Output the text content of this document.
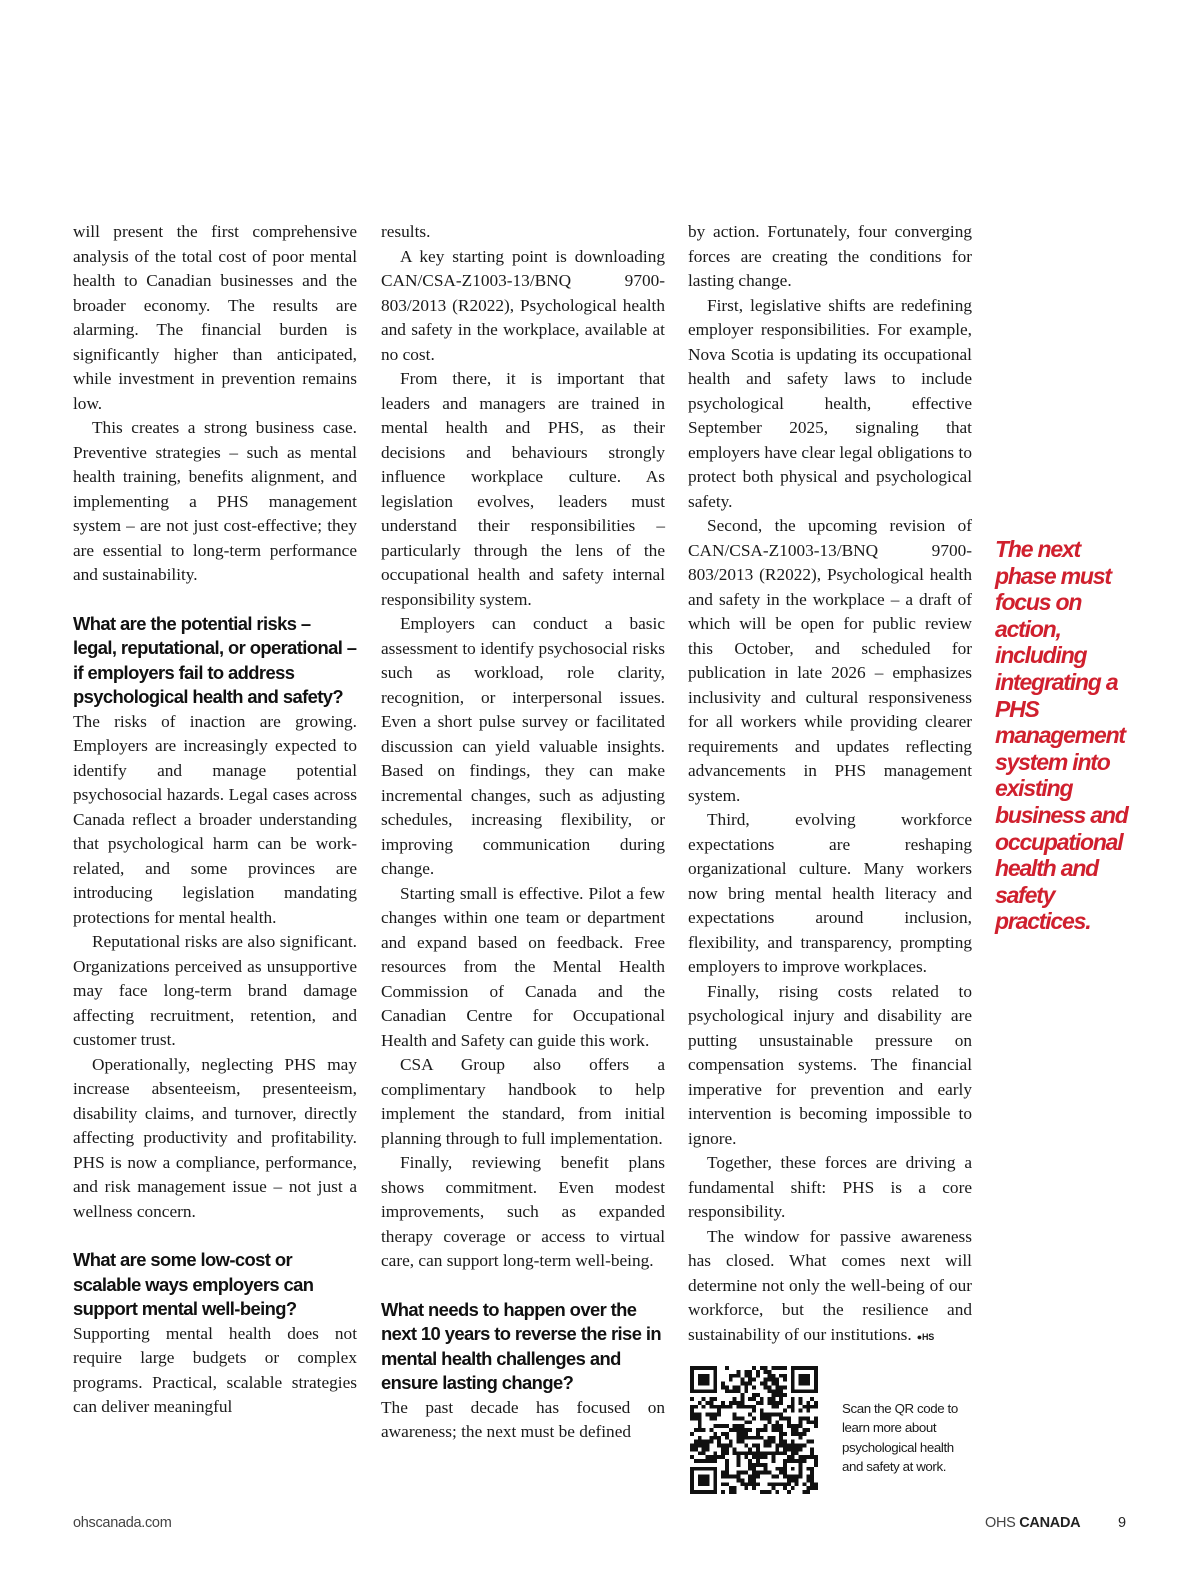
will present the first comprehensive analysis of the total cost of poor mental health to Canadian businesses and the broader economy. The results are alarming. The financial burden is significantly higher than anticipated, while investment in prevention remains low.

This creates a strong business case. Preventive strategies – such as mental health training, benefits alignment, and implementing a PHS management system – are not just cost-effective; they are essential to long-term performance and sustainability.

What are the potential risks – legal, reputational, or operational – if employers fail to address psychological health and safety?

The risks of inaction are growing. Employers are increasingly expected to identify and manage potential psychosocial hazards. Legal cases across Canada reflect a broader understanding that psychological harm can be work-related, and some provinces are introducing legislation mandating protections for mental health.

Reputational risks are also significant. Organizations perceived as unsupportive may face long-term brand damage affecting recruitment, retention, and customer trust.

Operationally, neglecting PHS may increase absenteeism, presenteeism, disability claims, and turnover, directly affecting productivity and profitability. PHS is now a compliance, performance, and risk management issue – not just a wellness concern.

What are some low-cost or scalable ways employers can support mental well-being?

Supporting mental health does not require large budgets or complex programs. Practical, scalable strategies can deliver meaningful

results.

A key starting point is downloading CAN/CSA-Z1003-13/BNQ 9700-803/2013 (R2022), Psychological health and safety in the workplace, available at no cost.

From there, it is important that leaders and managers are trained in mental health and PHS, as their decisions and behaviours strongly influence workplace culture. As legislation evolves, leaders must understand their responsibilities – particularly through the lens of the occupational health and safety internal responsibility system.

Employers can conduct a basic assessment to identify psychosocial risks such as workload, role clarity, recognition, or interpersonal issues. Even a short pulse survey or facilitated discussion can yield valuable insights. Based on findings, they can make incremental changes, such as adjusting schedules, increasing flexibility, or improving communication during change.

Starting small is effective. Pilot a few changes within one team or department and expand based on feedback. Free resources from the Mental Health Commission of Canada and the Canadian Centre for Occupational Health and Safety can guide this work.

CSA Group also offers a complimentary handbook to help implement the standard, from initial planning through to full implementation.

Finally, reviewing benefit plans shows commitment. Even modest improvements, such as expanded therapy coverage or access to virtual care, can support long-term well-being.

What needs to happen over the next 10 years to reverse the rise in mental health challenges and ensure lasting change?

The past decade has focused on awareness; the next must be defined

by action. Fortunately, four converging forces are creating the conditions for lasting change.

First, legislative shifts are redefining employer responsibilities. For example, Nova Scotia is updating its occupational health and safety laws to include psychological health, effective September 2025, signaling that employers have clear legal obligations to protect both physical and psychological safety.

Second, the upcoming revision of CAN/CSA-Z1003-13/BNQ 9700-803/2013 (R2022), Psychological health and safety in the workplace – a draft of which will be open for public review this October, and scheduled for publication in late 2026 – emphasizes inclusivity and cultural responsiveness for all workers while providing clearer requirements and updates reflecting advancements in PHS management system.

Third, evolving workforce expectations are reshaping organizational culture. Many workers now bring mental health literacy and expectations around inclusion, flexibility, and transparency, prompting employers to improve workplaces.

Finally, rising costs related to psychological injury and disability are putting unsustainable pressure on compensation systems. The financial imperative for prevention and early intervention is becoming impossible to ignore.

Together, these forces are driving a fundamental shift: PHS is a core responsibility.

The window for passive awareness has closed. What comes next will determine not only the well-being of our workforce, but the resilience and sustainability of our institutions. ●HS

The next phase must focus on action, including integrating a PHS management system into existing business and occupational health and safety practices.

Scan the QR code to learn more about psychological health and safety at work.

ohscanada.com	OHS CANADA	9
